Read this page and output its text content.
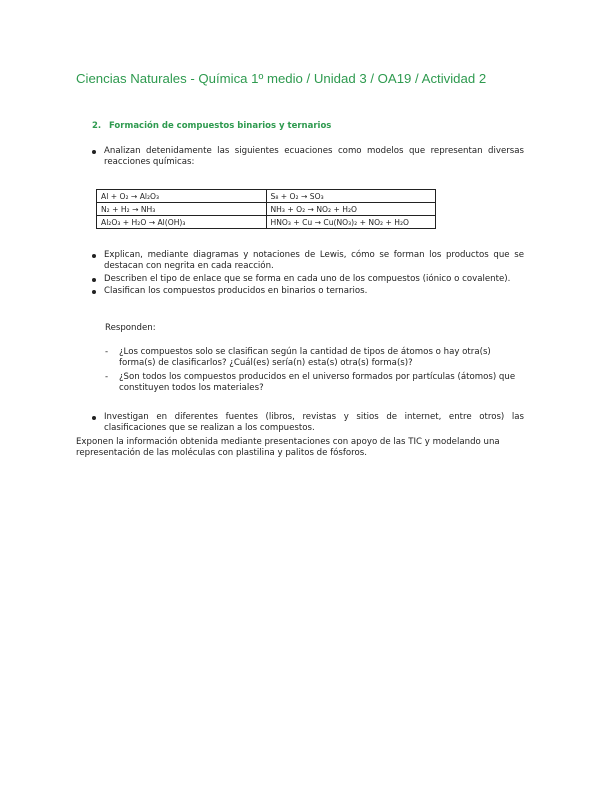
Ciencias Naturales - Química 1º medio / Unidad 3 / OA19 / Actividad 2
2. Formación de compuestos binarios y ternarios
Analizan detenidamente las siguientes ecuaciones como modelos que representan diversas reacciones químicas:
Al + O₂ → Al₂O₃	S₈ + O₂ → SO₃
N₂ + H₂ → NH₃	NH₃ + O₂ → NO₂ + H₂O
Al₂O₃ + H₂O → Al(OH)₃	HNO₃ + Cu → Cu(NO₃)₂ + NO₂ + H₂O
Explican, mediante diagramas y notaciones de Lewis, cómo se forman los productos que se destacan con negrita en cada reacción.
Describen el tipo de enlace que se forma en cada uno de los compuestos (iónico o covalente).
Clasifican los compuestos producidos en binarios o ternarios.
Responden:
- ¿Los compuestos solo se clasifican según la cantidad de tipos de átomos o hay otra(s) forma(s) de clasificarlos? ¿Cuál(es) sería(n) esta(s) otra(s) forma(s)?
- ¿Son todos los compuestos producidos en el universo formados por partículas (átomos) que constituyen todos los materiales?
Investigan en diferentes fuentes (libros, revistas y sitios de internet, entre otros) las clasificaciones que se realizan a los compuestos.
Exponen la información obtenida mediante presentaciones con apoyo de las TIC y modelando una representación de las moléculas con plastilina y palitos de fósforos.
